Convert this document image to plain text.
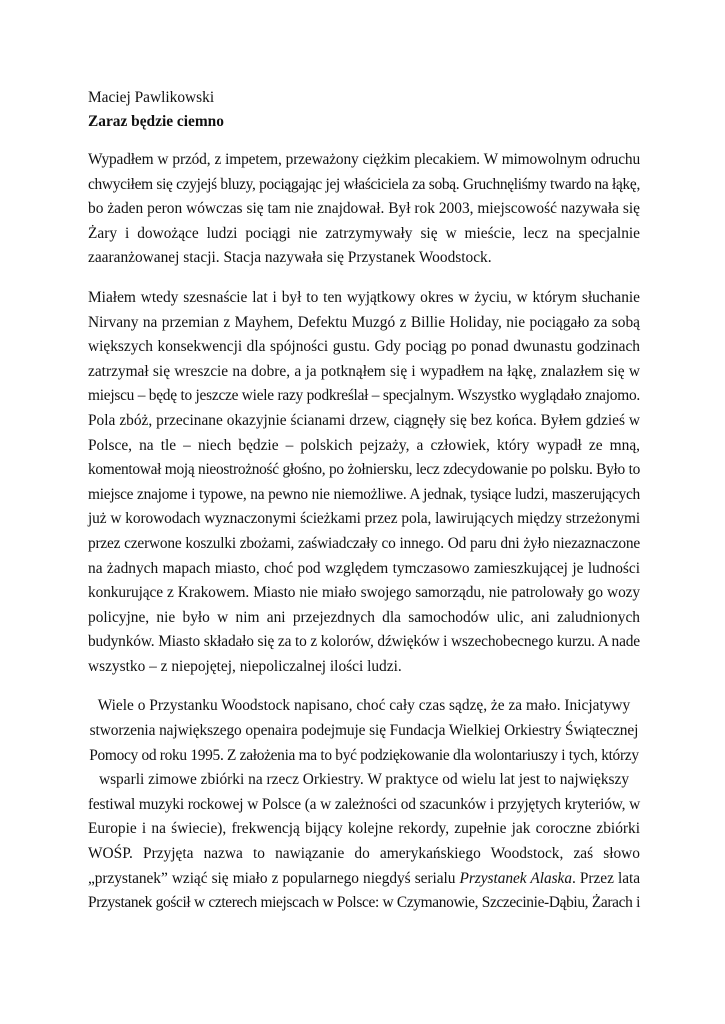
Maciej Pawlikowski

Zaraz będzie ciemno

Wypadłem w przód, z impetem, przeważony ciężkim plecakiem. W mimowolnym odruchu
chwyciłem się czyjejś bluzy, pociągając jej właściciela za sobą. Gruchnęliśmy twardo na łąkę,
bo żaden peron wówczas się tam nie znajdował. Był rok 2003, miejscowość nazywała się
Żary i dowożące ludzi pociągi nie zatrzymywały się w mieście, lecz na specjalnie
zaaranżowanej stacji. Stacja nazywała się Przystanek Woodstock.
Miałem wtedy szesnaście lat i był to ten wyjątkowy okres w życiu, w którym słuchanie
Nirvany na przemian z Mayhem, Defektu Muzgó z Billie Holiday, nie pociągało za sobą
większych konsekwencji dla spójności gustu. Gdy pociąg po ponad dwunastu godzinach
zatrzymał się wreszcie na dobre, a ja potknąłem się i wypadłem na łąkę, znalazłem się w
miejscu – będę to jeszcze wiele razy podkreślał – specjalnym. Wszystko wyglądało znajomo.
Pola zbóż, przecinane okazyjnie ścianami drzew, ciągnęły się bez końca. Byłem gdzieś w
Polsce, na tle – niech będzie – polskich pejzaży, a człowiek, który wypadł ze mną,
komentował moją nieostrożność głośno, po żołniersku, lecz zdecydowanie po polsku. Było to
miejsce znajome i typowe, na pewno nie niemożliwe. A jednak, tysiące ludzi, maszerujących
już w korowodach wyznaczonymi ścieżkami przez pola, lawirujących między strzeżonymi
przez czerwone koszulki zbożami, zaświadczały co innego. Od paru dni żyło niezaznaczone
na żadnych mapach miasto, choć pod względem tymczasowo zamieszkującej je ludności
konkurujące z Krakowem. Miasto nie miało swojego samorządu, nie patrolowały go wozy
policyjne, nie było w nim ani przejezdnych dla samochodów ulic, ani zaludnionych
budynków. Miasto składało się za to z kolorów, dźwięków i wszechobecnego kurzu. A nade
wszystko – z niepojętej, niepoliczalnej ilości ludzi.
Wiele o Przystanku Woodstock napisano, choć cały czas sądzę, że za mało. Inicjatywy
stworzenia największego openaira podejmuje się Fundacja Wielkiej Orkiestry Świątecznej
Pomocy od roku 1995. Z założenia ma to być podziękowanie dla wolontariuszy i tych, którzy
wsparli zimowe zbiórki na rzecz Orkiestry. W praktyce od wielu lat jest to największy
festiwal muzyki rockowej w Polsce (a w zależności od szacunków i przyjętych kryteriów, w
Europie i na świecie), frekwencją bijący kolejne rekordy, zupełnie jak coroczne zbiórki
WOŚP. Przyjęta nazwa to nawiązanie do amerykańskiego Woodstock, zaś słowo
„przystanek” wziąć się miało z popularnego niegdyś serialu Przystanek Alaska. Przez lata
Przystanek gościł w czterech miejscach w Polsce: w Czymanowie, Szczecinie-Dąbiu, Żarach i
